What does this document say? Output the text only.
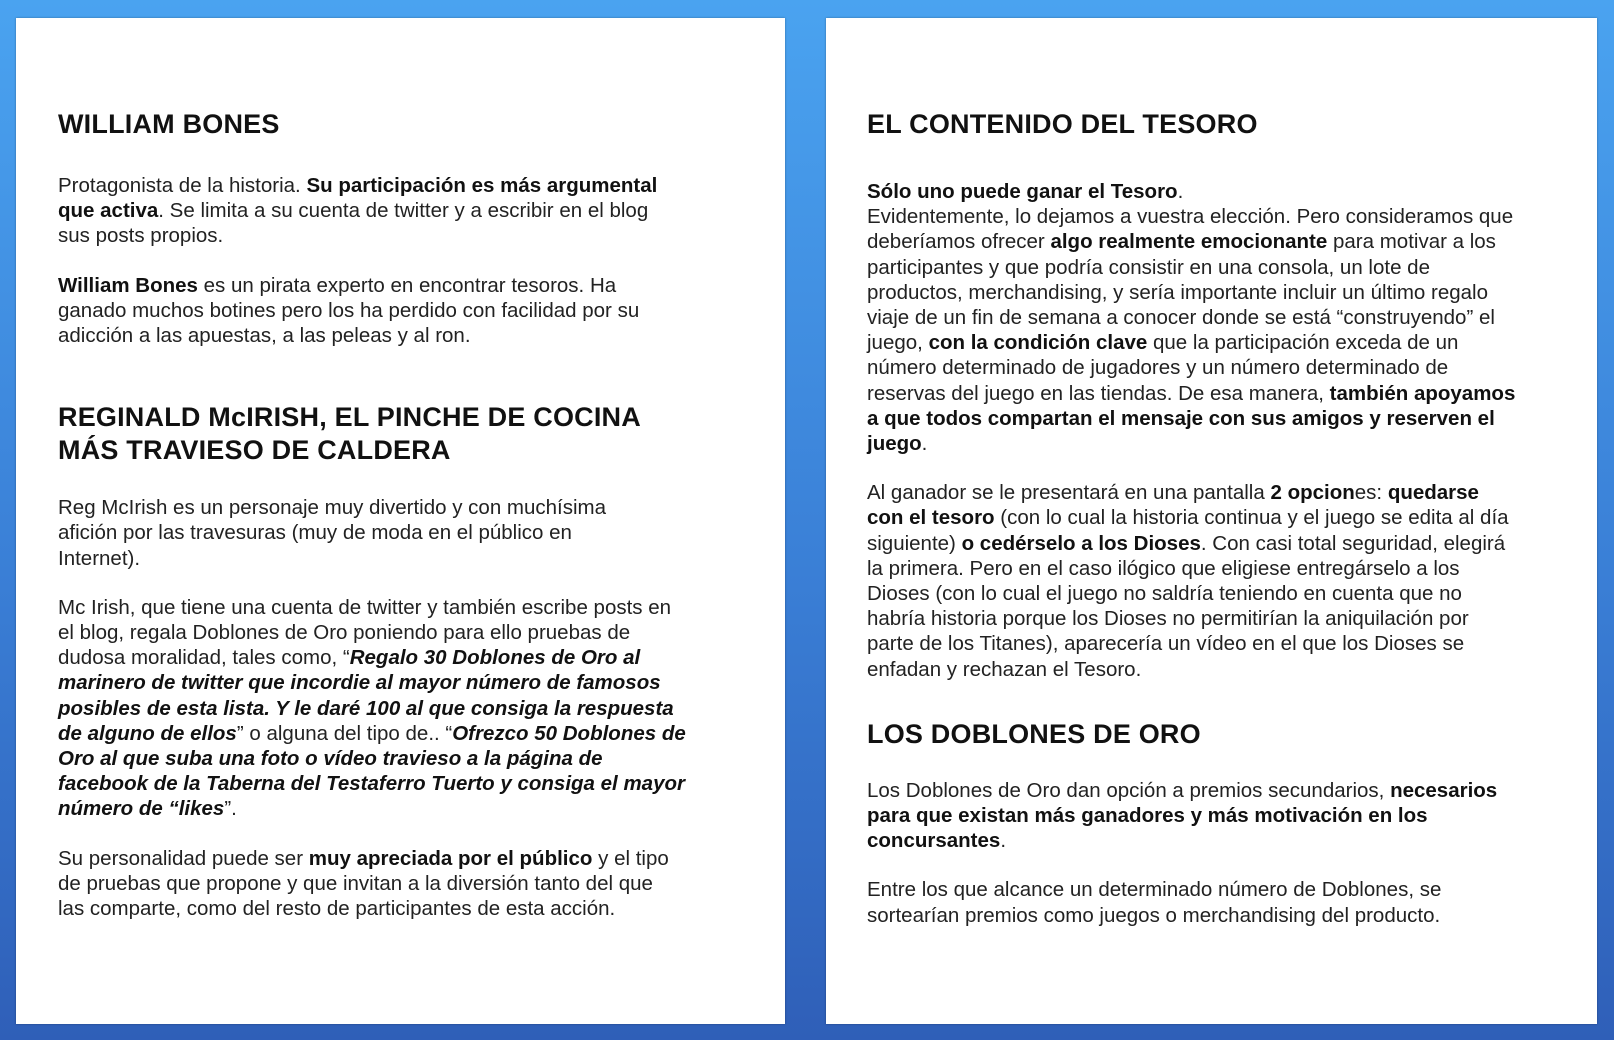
WILLIAM BONES

Protagonista de la historia. Su participación es más argumental que activa. Se limita a su cuenta de twitter y a escribir en el blog sus posts propios.

William Bones es un pirata experto en encontrar tesoros. Ha ganado muchos botines pero los ha perdido con facilidad por su adicción a las apuestas, a las peleas y al ron.

REGINALD McIRISH, EL PINCHE DE COCINA MÁS TRAVIESO DE CALDERA

Reg McIrish es un personaje muy divertido y con muchísima afición por las travesuras (muy de moda en el público en Internet).

Mc Irish, que tiene una cuenta de twitter y también escribe posts en el blog, regala Doblones de Oro poniendo para ello pruebas de dudosa moralidad, tales como, “Regalo 30 Doblones de Oro al marinero de twitter que incordie al mayor número de famosos posibles de esta lista. Y le daré 100 al que consiga la respuesta de alguno de ellos” o alguna del tipo de.. “Ofrezco 50 Doblones de Oro al que suba una foto o vídeo travieso a la página de facebook de la Taberna del Testaferro Tuerto y consiga el mayor número de “likes”.

Su personalidad puede ser muy apreciada por el público y el tipo de pruebas que propone y que invitan a la diversión tanto del que las comparte, como del resto de participantes de esta acción.

EL CONTENIDO DEL TESORO

Sólo uno puede ganar el Tesoro.
Evidentemente, lo dejamos a vuestra elección. Pero consideramos que deberíamos ofrecer algo realmente emocionante para motivar a los participantes y que podría consistir en una consola, un lote de productos, merchandising, y sería importante incluir un último regalo viaje de un fin de semana a conocer donde se está “construyendo” el juego, con la condición clave que la participación exceda de un número determinado de jugadores y un número determinado de reservas del juego en las tiendas. De esa manera, también apoyamos a que todos compartan el mensaje con sus amigos y reserven el juego.

Al ganador se le presentará en una pantalla 2 opciones: quedarse con el tesoro (con lo cual la historia continua y el juego se edita al día siguiente) o cedérselo a los Dioses. Con casi total seguridad, elegirá la primera. Pero en el caso ilógico que eligiese entregárselo a los Dioses (con lo cual el juego no saldría teniendo en cuenta que no habría historia porque los Dioses no permitirían la aniquilación por parte de los Titanes), aparecería un vídeo en el que los Dioses se enfadan y rechazan el Tesoro.

LOS DOBLONES DE ORO

Los Doblones de Oro dan opción a premios secundarios, necesarios para que existan más ganadores y más motivación en los concursantes.

Entre los que alcance un determinado número de Doblones, se sortearían premios como juegos o merchandising del producto.
